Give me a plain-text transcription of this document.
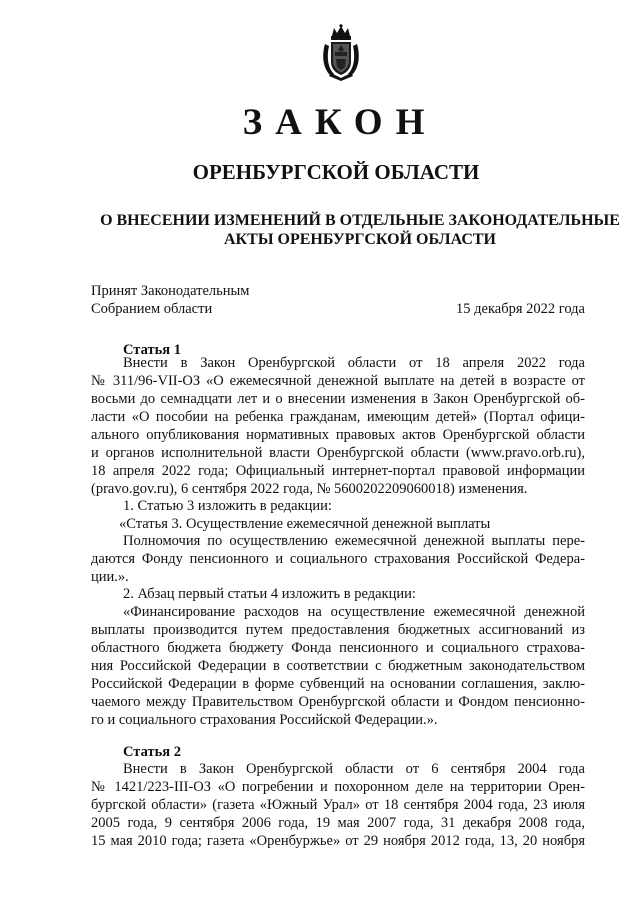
ЗАКОН
ОРЕНБУРГСКОЙ ОБЛАСТИ
О ВНЕСЕНИИ ИЗМЕНЕНИЙ В ОТДЕЛЬНЫЕ ЗАКОНОДАТЕЛЬНЫЕ
АКТЫ ОРЕНБУРГСКОЙ ОБЛАСТИ
Принят Законодательным
Собранием области	15 декабря 2022 года
Статья 1
Внести в Закон Оренбургской области от 18 апреля 2022 года
№ 311/96-VII-ОЗ «О ежемесячной денежной выплате на детей в возрасте от
восьми до семнадцати лет и о внесении изменения в Закон Оренбургской об-
ласти «О пособии на ребенка гражданам, имеющим детей» (Портал офици-
ального опубликования нормативных правовых актов Оренбургской области
и органов исполнительной власти Оренбургской области (www.pravo.orb.ru),
18 апреля 2022 года; Официальный интернет-портал правовой информации
(pravo.gov.ru), 6 сентября 2022 года, № 5600202209060018) изменения.
1. Статью 3 изложить в редакции:
«Статья 3. Осуществление ежемесячной денежной выплаты
Полномочия по осуществлению ежемесячной денежной выплаты пере-
даются Фонду пенсионного и социального страхования Российской Федера-
ции.».
2. Абзац первый статьи 4 изложить в редакции:
«Финансирование расходов на осуществление ежемесячной денежной
выплаты производится путем предоставления бюджетных ассигнований из
областного бюджета бюджету Фонда пенсионного и социального страхова-
ния Российской Федерации в соответствии с бюджетным законодательством
Российской Федерации в форме субвенций на основании соглашения, заклю-
чаемого между Правительством Оренбургской области и Фондом пенсионно-
го и социального страхования Российской Федерации.».
Статья 2
Внести в Закон Оренбургской области от 6 сентября 2004 года
№ 1421/223-III-ОЗ «О погребении и похоронном деле на территории Орен-
бургской области» (газета «Южный Урал» от 18 сентября 2004 года, 23 июля
2005 года, 9 сентября 2006 года, 19 мая 2007 года, 31 декабря 2008 года,
15 мая 2010 года; газета «Оренбуржье» от 29 ноября 2012 года, 13, 20 ноября
